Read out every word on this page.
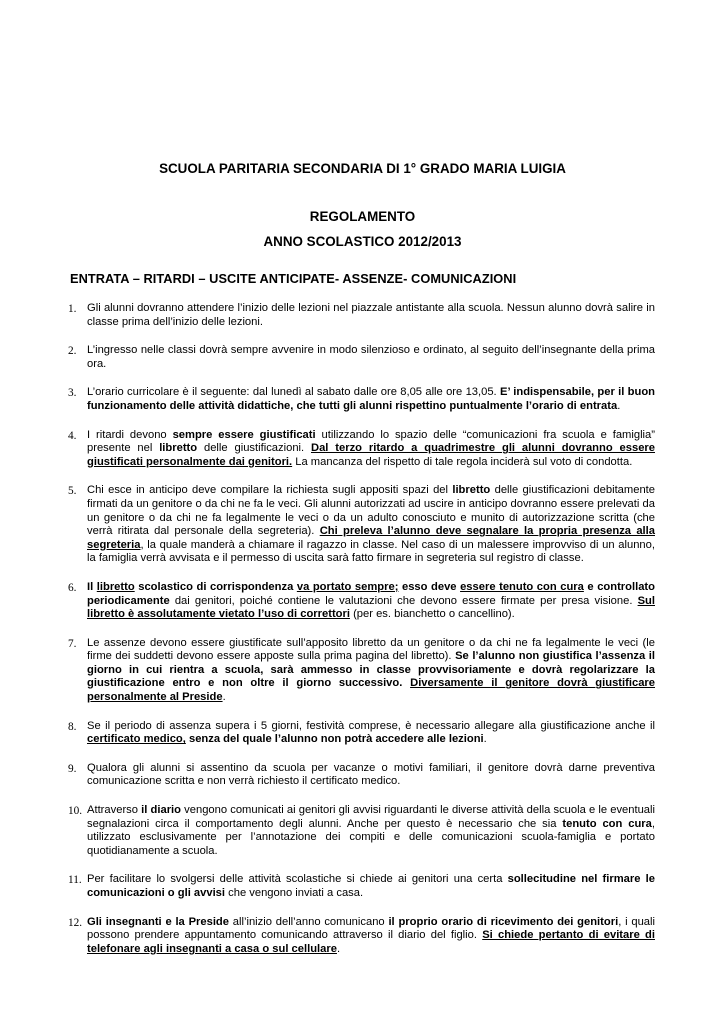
SCUOLA PARITARIA SECONDARIA DI 1° GRADO MARIA LUIGIA
REGOLAMENTO
ANNO SCOLASTICO 2012/2013
ENTRATA – RITARDI – USCITE ANTICIPATE- ASSENZE- COMUNICAZIONI
1. Gli alunni dovranno attendere l’inizio delle lezioni nel piazzale antistante alla scuola. Nessun alunno dovrà salire in classe prima dell’inizio delle lezioni.
2. L’ingresso nelle classi dovrà sempre avvenire in modo silenzioso e ordinato, al seguito dell’insegnante della prima ora.
3. L’orario curricolare è il seguente: dal lunedì al sabato dalle ore 8,05 alle ore 13,05. E’ indispensabile, per il buon funzionamento delle attività didattiche, che tutti gli alunni rispettino puntualmente l’orario di entrata.
4. I ritardi devono sempre essere giustificati utilizzando lo spazio delle “comunicazioni fra scuola e famiglia” presente nel libretto delle giustificazioni. Dal terzo ritardo a quadrimestre gli alunni dovranno essere giustificati personalmente dai genitori. La mancanza del rispetto di tale regola inciderà sul voto di condotta.
5. Chi esce in anticipo deve compilare la richiesta sugli appositi spazi del libretto delle giustificazioni debitamente firmati da un genitore o da chi ne fa le veci. Gli alunni autorizzati ad uscire in anticipo dovranno essere prelevati da un genitore o da chi ne fa legalmente le veci o da un adulto conosciuto e munito di autorizzazione scritta (che verrà ritirata dal personale della segreteria). Chi preleva l’alunno deve segnalare la propria presenza alla segreteria, la quale manderà a chiamare il ragazzo in classe. Nel caso di un malessere improvviso di un alunno, la famiglia verrà avvisata e il permesso di uscita sarà fatto firmare in segreteria sul registro di classe.
6. Il libretto scolastico di corrispondenza va portato sempre; esso deve essere tenuto con cura e controllato periodicamente dai genitori, poiché contiene le valutazioni che devono essere firmate per presa visione. Sul libretto è assolutamente vietato l’uso di correttori (per es. bianchetto o cancellino).
7. Le assenze devono essere giustificate sull’apposito libretto da un genitore o da chi ne fa legalmente le veci (le firme dei suddetti devono essere apposte sulla prima pagina del libretto). Se l’alunno non giustifica l’assenza il giorno in cui rientra a scuola, sarà ammesso in classe provvisoriamente e dovrà regolarizzare la giustificazione entro e non oltre il giorno successivo. Diversamente il genitore dovrà giustificare personalmente al Preside.
8. Se il periodo di assenza supera i 5 giorni, festività comprese, è necessario allegare alla giustificazione anche il certificato medico, senza del quale l’alunno non potrà accedere alle lezioni.
9. Qualora gli alunni si assentino da scuola per vacanze o motivi familiari, il genitore dovrà darne preventiva comunicazione scritta e non verrà richiesto il certificato medico.
10. Attraverso il diario vengono comunicati ai genitori gli avvisi riguardanti le diverse attività della scuola e le eventuali segnalazioni circa il comportamento degli alunni. Anche per questo è necessario che sia tenuto con cura, utilizzato esclusivamente per l’annotazione dei compiti e delle comunicazioni scuola-famiglia e portato quotidianamente a scuola.
11. Per facilitare lo svolgersi delle attività scolastiche si chiede ai genitori una certa sollecitudine nel firmare le comunicazioni o gli avvisi che vengono inviati a casa.
12. Gli insegnanti e la Preside all’inizio dell’anno comunicano il proprio orario di ricevimento dei genitori, i quali possono prendere appuntamento comunicando attraverso il diario del figlio. Si chiede pertanto di evitare di telefonare agli insegnanti a casa o sul cellulare.
